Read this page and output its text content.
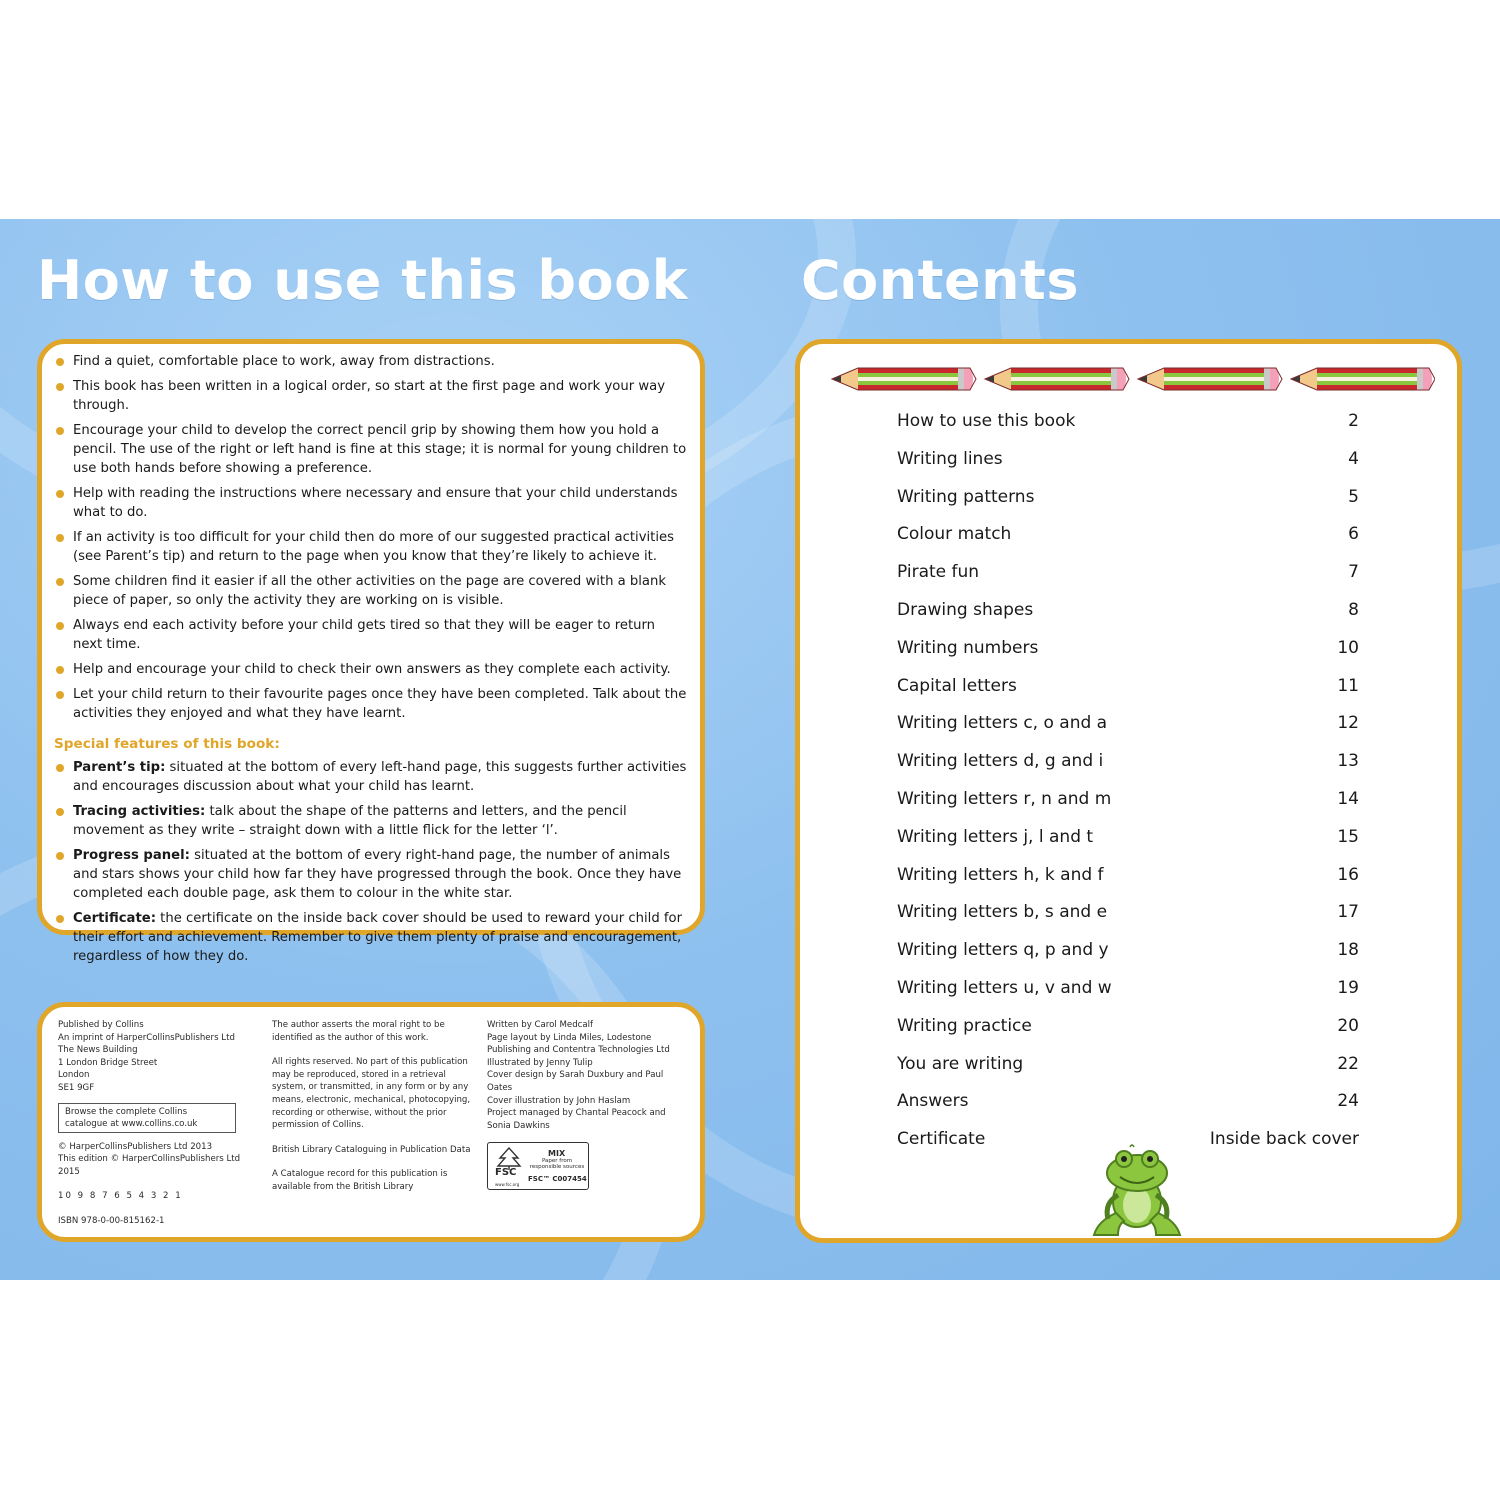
How to use this book Contents
Find a quiet, comfortable place to work, away from distractions.
This book has been written in a logical order, so start at the first page and work your way through.
Encourage your child to develop the correct pencil grip by showing them how you hold a pencil. The use of the right or left hand is fine at this stage; it is normal for young children to use both hands before showing a preference.
Help with reading the instructions where necessary and ensure that your child understands what to do.
If an activity is too difficult for your child then do more of our suggested practical activities (see Parent’s tip) and return to the page when you know that they’re likely to achieve it.
Some children find it easier if all the other activities on the page are covered with a blank piece of paper, so only the activity they are working on is visible.
Always end each activity before your child gets tired so that they will be eager to return next time.
Help and encourage your child to check their own answers as they complete each activity.
Let your child return to their favourite pages once they have been completed. Talk about the activities they enjoyed and what they have learnt.
Special features of this book:
Parent’s tip: situated at the bottom of every left-hand page, this suggests further activities and encourages discussion about what your child has learnt.
Tracing activities: talk about the shape of the patterns and letters, and the pencil movement as they write – straight down with a little flick for the letter ‘l’.
Progress panel: situated at the bottom of every right-hand page, the number of animals and stars shows your child how far they have progressed through the book. Once they have completed each double page, ask them to colour in the white star.
Certificate: the certificate on the inside back cover should be used to reward your child for their effort and achievement. Remember to give them plenty of praise and encouragement, regardless of how they do.

Published by Collins

An imprint of HarperCollinsPublishers Ltd

The News Building

1 London Bridge Street

London

SE1 9GF

Browse the complete Collins catalogue at www.collins.co.uk

© HarperCollinsPublishers Ltd 2013

This edition © HarperCollinsPublishers Ltd 2015

10 9 8 7 6 5 4 3 2 1

ISBN 978-0-00-815162-1

The author asserts the moral right to be identified as the author of this work.

All rights reserved. No part of this publication may be reproduced, stored in a retrieval system, or transmitted, in any form or by any means, electronic, mechanical, photocopying, recording or otherwise, without the prior permission of Collins.

British Library Cataloguing in Publication Data

A Catalogue record for this publication is available from the British Library

Written by Carol Medcalf

Page layout by Linda Miles, Lodestone Publishing and Contentra Technologies Ltd

Illustrated by Jenny Tulip

Cover design by Sarah Duxbury and Paul Oates

Cover illustration by John Haslam

Project managed by Chantal Peacock and Sonia Dawkins

FSC
www.fsc.org
MIX
Paper from responsible sources
FSC™ C007454
How to use this book	2
Writing lines	4
Writing patterns	5
Colour match	6
Pirate fun	7
Drawing shapes	8
Writing numbers	10
Capital letters	11
Writing letters c, o and a	12
Writing letters d, g and i	13
Writing letters r, n and m	14
Writing letters j, l and t	15
Writing letters h, k and f	16
Writing letters b, s and e	17
Writing letters q, p and y	18
Writing letters u, v and w	19
Writing practice	20
You are writing	22
Answers	24
Certificate	Inside back cover
